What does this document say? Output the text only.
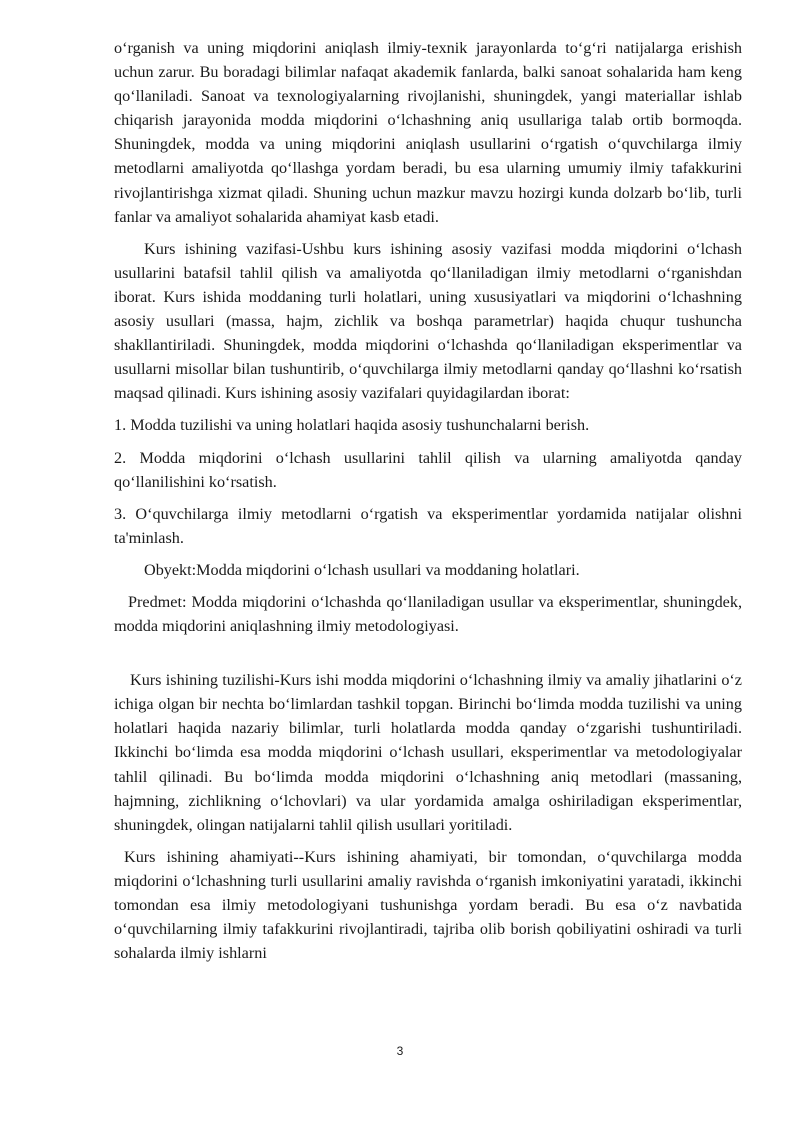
o‘rganish va uning miqdorini aniqlash ilmiy-texnik jarayonlarda to‘g‘ri natijalarga erishish uchun zarur. Bu boradagi bilimlar nafaqat akademik fanlarda, balki sanoat sohalarida ham keng qo‘llaniladi. Sanoat va texnologiyalarning rivojlanishi, shuningdek, yangi materiallar ishlab chiqarish jarayonida modda miqdorini o‘lchashning aniq usullariga talab ortib bormoqda. Shuningdek, modda va uning miqdorini aniqlash usullarini o‘rgatish o‘quvchilarga ilmiy metodlarni amaliyotda qo‘llashga yordam beradi, bu esa ularning umumiy ilmiy tafakkurini rivojlantirishga xizmat qiladi. Shuning uchun mazkur mavzu hozirgi kunda dolzarb bo‘lib, turli fanlar va amaliyot sohalarida ahamiyat kasb etadi.

Kurs ishining vazifasi-Ushbu kurs ishining asosiy vazifasi modda miqdorini o‘lchash usullarini batafsil tahlil qilish va amaliyotda qo‘llaniladigan ilmiy metodlarni o‘rganishdan iborat. Kurs ishida moddaning turli holatlari, uning xususiyatlari va miqdorini o‘lchashning asosiy usullari (massa, hajm, zichlik va boshqa parametrlar) haqida chuqur tushuncha shakllantiriladi. Shuningdek, modda miqdorini o‘lchashda qo‘llaniladigan eksperimentlar va usullarni misollar bilan tushuntirib, o‘quvchilarga ilmiy metodlarni qanday qo‘llashni ko‘rsatish maqsad qilinadi. Kurs ishining asosiy vazifalari quyidagilardan iborat:

1. Modda tuzilishi va uning holatlari haqida asosiy tushunchalarni berish.

2. Modda miqdorini o‘lchash usullarini tahlil qilish va ularning amaliyotda qanday qo‘llanilishini ko‘rsatish.

3. O‘quvchilarga ilmiy metodlarni o‘rgatish va eksperimentlar yordamida natijalar olishni ta'minlash.

Obyekt:Modda miqdorini o‘lchash usullari va moddaning holatlari.

Predmet: Modda miqdorini o‘lchashda qo‘llaniladigan usullar va eksperimentlar, shuningdek, modda miqdorini aniqlashning ilmiy metodologiyasi.

Kurs ishining tuzilishi-Kurs ishi modda miqdorini o‘lchashning ilmiy va amaliy jihatlarini o‘z ichiga olgan bir nechta bo‘limlardan tashkil topgan. Birinchi bo‘limda modda tuzilishi va uning holatlari haqida nazariy bilimlar, turli holatlarda modda qanday o‘zgarishi tushuntiriladi. Ikkinchi bo‘limda esa modda miqdorini o‘lchash usullari, eksperimentlar va metodologiyalar tahlil qilinadi. Bu bo‘limda modda miqdorini o‘lchashning aniq metodlari (massaning, hajmning, zichlikning o‘lchovlari) va ular yordamida amalga oshiriladigan eksperimentlar, shuningdek, olingan natijalarni tahlil qilish usullari yoritiladi.

Kurs ishining ahamiyati--Kurs ishining ahamiyati, bir tomondan, o‘quvchilarga modda miqdorini o‘lchashning turli usullarini amaliy ravishda o‘rganish imkoniyatini yaratadi, ikkinchi tomondan esa ilmiy metodologiyani tushunishga yordam beradi. Bu esa o‘z navbatida o‘quvchilarning ilmiy tafakkurini rivojlantiradi, tajriba olib borish qobiliyatini oshiradi va turli sohalarda ilmiy ishlarni

3
